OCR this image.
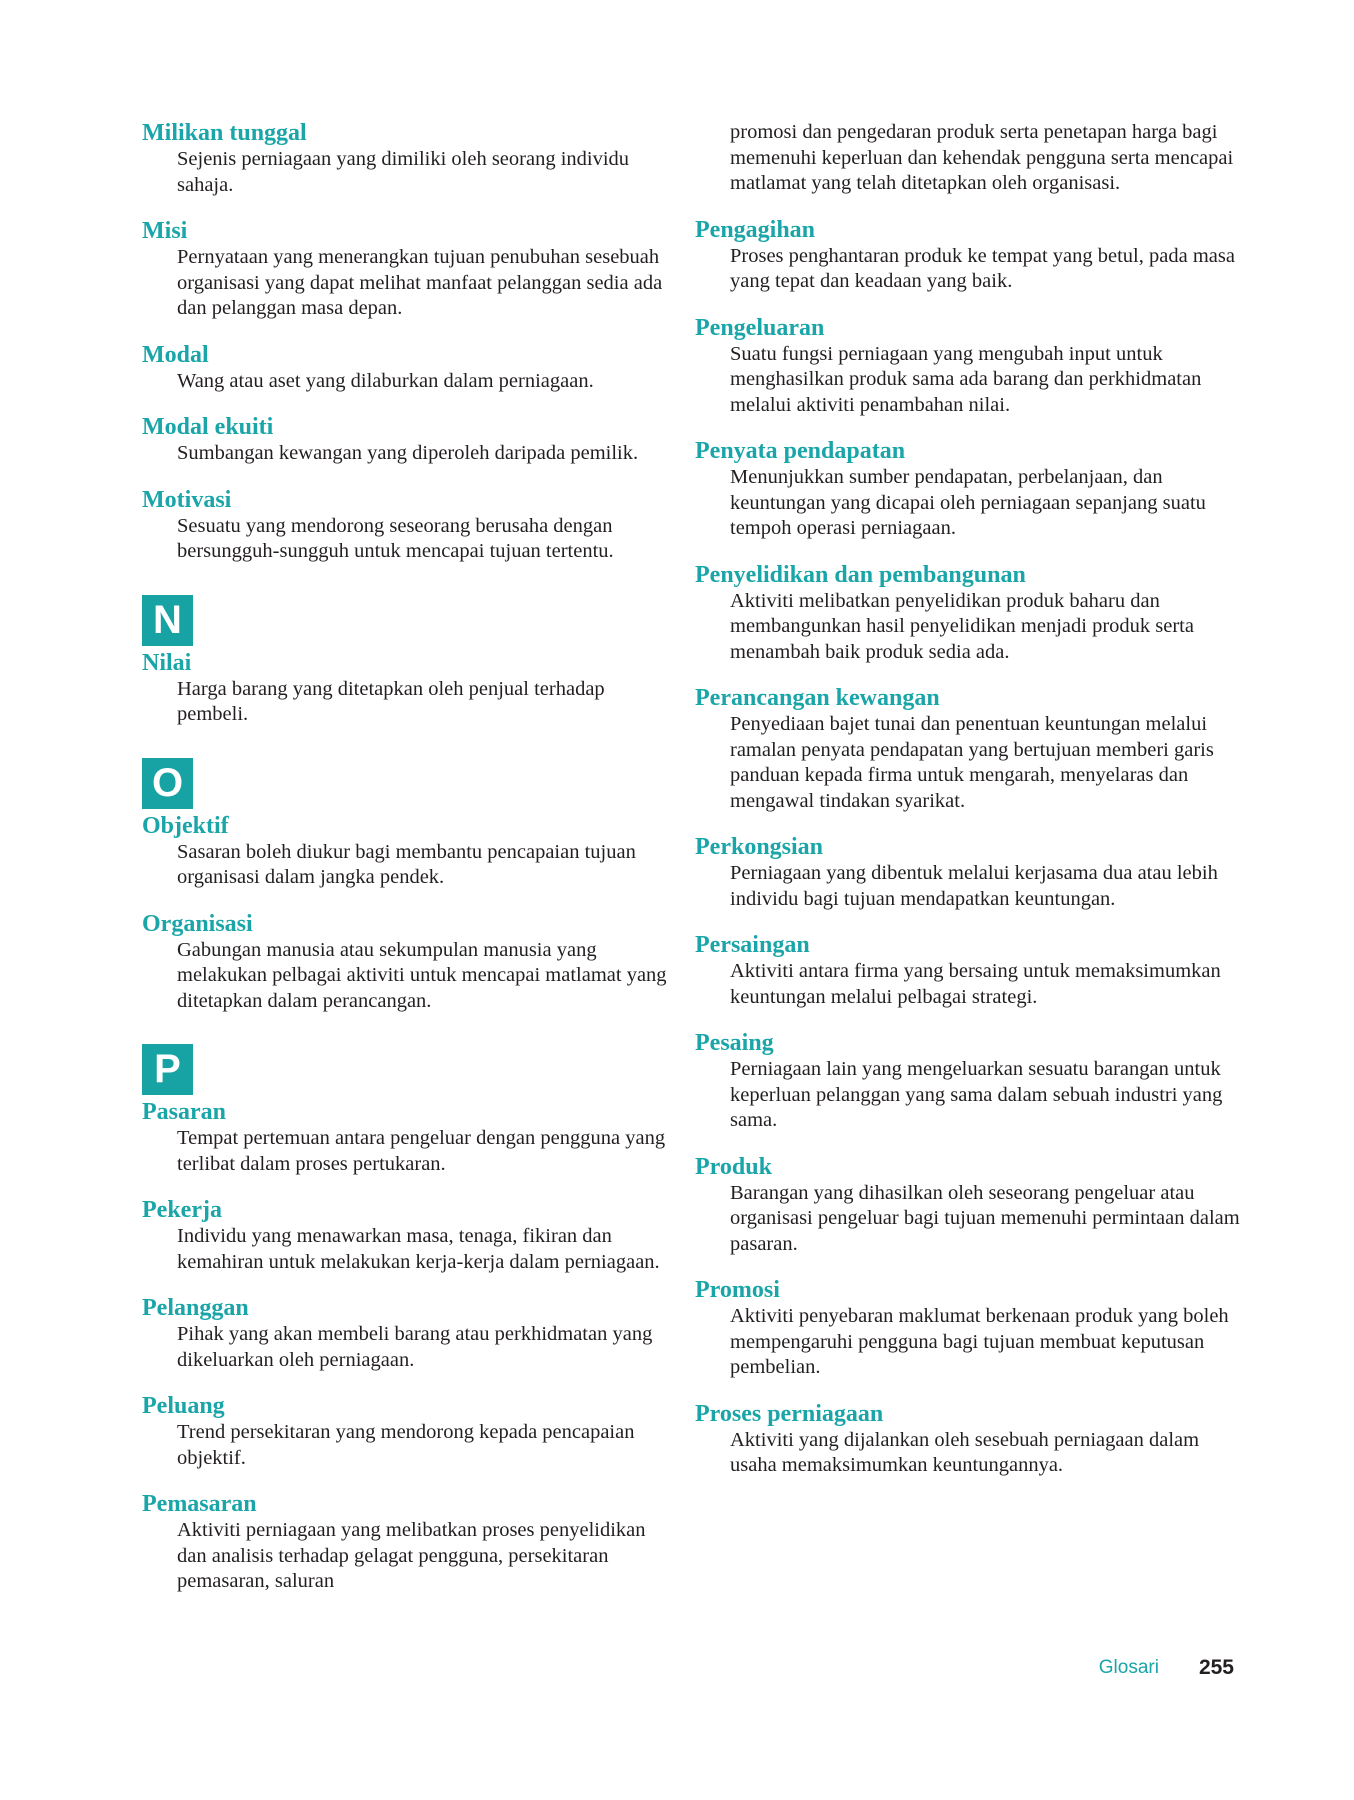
Milikan tunggal
Sejenis perniagaan yang dimiliki oleh seorang individu sahaja.
Misi
Pernyataan yang menerangkan tujuan penubuhan sesebuah organisasi yang dapat melihat manfaat pelanggan sedia ada dan pelanggan masa depan.
Modal
Wang atau aset yang dilaburkan dalam perniagaan.
Modal ekuiti
Sumbangan kewangan yang diperoleh daripada pemilik.
Motivasi
Sesuatu yang mendorong seseorang berusaha dengan bersungguh-sungguh untuk mencapai tujuan tertentu.
N
Nilai
Harga barang yang ditetapkan oleh penjual terhadap pembeli.
O
Objektif
Sasaran boleh diukur bagi membantu pencapaian tujuan organisasi dalam jangka pendek.
Organisasi
Gabungan manusia atau sekumpulan manusia yang melakukan pelbagai aktiviti untuk mencapai matlamat yang ditetapkan dalam perancangan.
P
Pasaran
Tempat pertemuan antara pengeluar dengan pengguna yang terlibat dalam proses pertukaran.
Pekerja
Individu yang menawarkan masa, tenaga, fikiran dan kemahiran untuk melakukan kerja-kerja dalam perniagaan.
Pelanggan
Pihak yang akan membeli barang atau perkhidmatan yang dikeluarkan oleh perniagaan.
Peluang
Trend persekitaran yang mendorong kepada pencapaian objektif.
Pemasaran
Aktiviti perniagaan yang melibatkan proses penyelidikan dan analisis terhadap gelagat pengguna, persekitaran pemasaran, saluran
promosi dan pengedaran produk serta penetapan harga bagi memenuhi keperluan dan kehendak pengguna serta mencapai matlamat yang telah ditetapkan oleh organisasi.
Pengagihan
Proses penghantaran produk ke tempat yang betul, pada masa yang tepat dan keadaan yang baik.
Pengeluaran
Suatu fungsi perniagaan yang mengubah input untuk menghasilkan produk sama ada barang dan perkhidmatan melalui aktiviti penambahan nilai.
Penyata pendapatan
Menunjukkan sumber pendapatan, perbelanjaan, dan keuntungan yang dicapai oleh perniagaan sepanjang suatu tempoh operasi perniagaan.
Penyelidikan dan pembangunan
Aktiviti melibatkan penyelidikan produk baharu dan membangunkan hasil penyelidikan menjadi produk serta menambah baik produk sedia ada.
Perancangan kewangan
Penyediaan bajet tunai dan penentuan keuntungan melalui ramalan penyata pendapatan yang bertujuan memberi garis panduan kepada firma untuk mengarah, menyelaras dan mengawal tindakan syarikat.
Perkongsian
Perniagaan yang dibentuk melalui kerjasama dua atau lebih individu bagi tujuan mendapatkan keuntungan.
Persaingan
Aktiviti antara firma yang bersaing untuk memaksimumkan keuntungan melalui pelbagai strategi.
Pesaing
Perniagaan lain yang mengeluarkan sesuatu barangan untuk keperluan pelanggan yang sama dalam sebuah industri yang sama.
Produk
Barangan yang dihasilkan oleh seseorang pengeluar atau organisasi pengeluar bagi tujuan memenuhi permintaan dalam pasaran.
Promosi
Aktiviti penyebaran maklumat berkenaan produk yang boleh mempengaruhi pengguna bagi tujuan membuat keputusan pembelian.
Proses perniagaan
Aktiviti yang dijalankan oleh sesebuah perniagaan dalam usaha memaksimumkan keuntungannya.
Glosari 255
